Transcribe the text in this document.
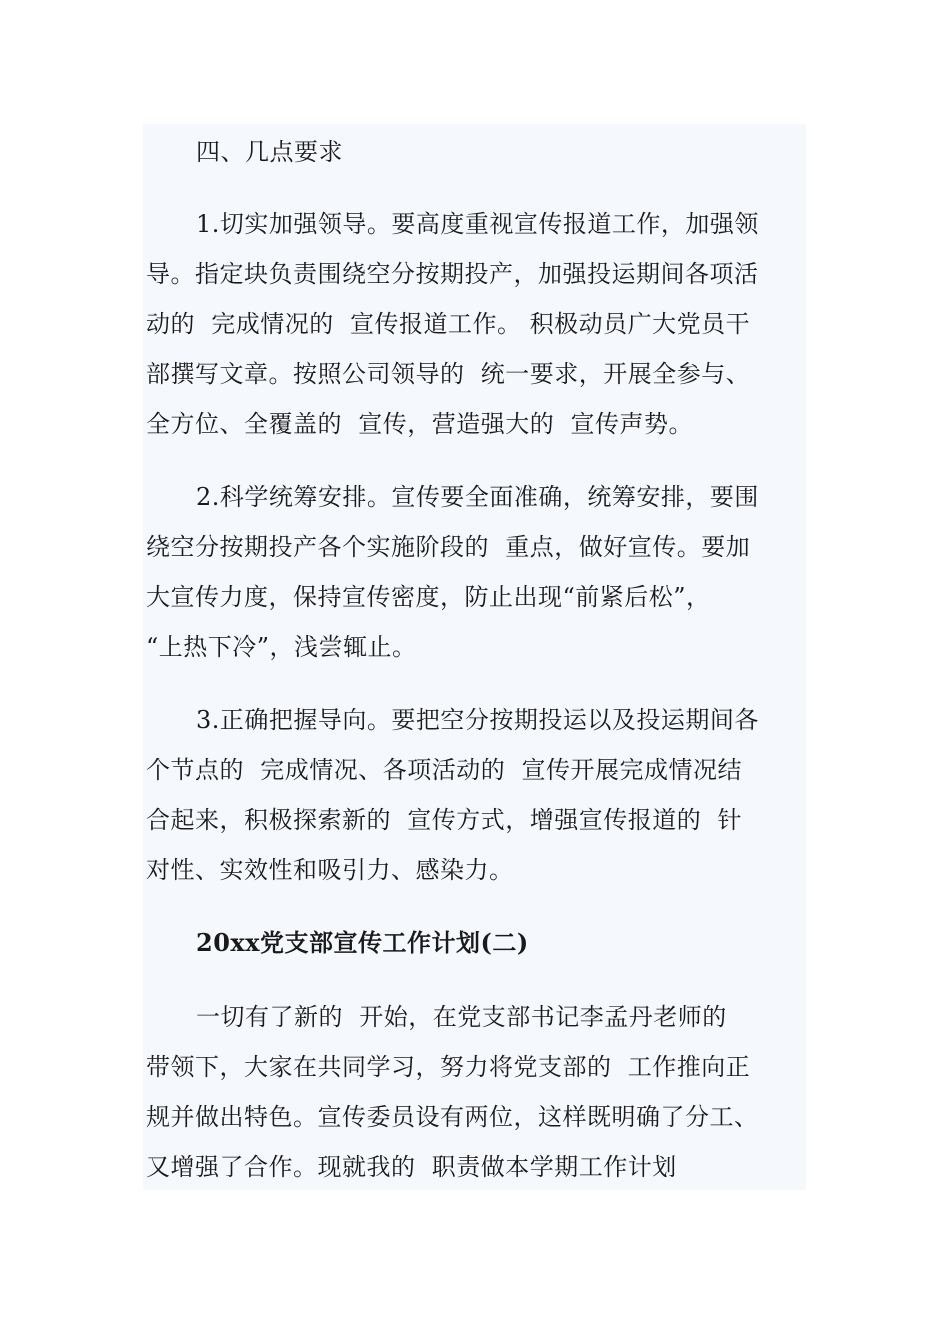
四、几点要求
1.切实加强领导。要高度重视宣传报道工作，加强领
导。指定块负责围绕空分按期投产，加强投运期间各项活
动的  完成情况的  宣传报道工作。 积极动员广大党员干
部撰写文章。按照公司领导的  统一要求，开展全参与、
全方位、全覆盖的  宣传，营造强大的  宣传声势。
2.科学统筹安排。宣传要全面准确，统筹安排，要围
绕空分按期投产各个实施阶段的  重点，做好宣传。要加
大宣传力度，保持宣传密度，防止出现“前紧后松”，
“上热下冷”，浅尝辄止。
3.正确把握导向。要把空分按期投运以及投运期间各
个节点的  完成情况、各项活动的  宣传开展完成情况结
合起来，积极探索新的  宣传方式，增强宣传报道的  针
对性、实效性和吸引力、感染力。
20xx党支部宣传工作计划(二)
一切有了新的  开始，在党支部书记李孟丹老师的
带领下，大家在共同学习，努力将党支部的  工作推向正
规并做出特色。宣传委员设有两位，这样既明确了分工、
又增强了合作。现就我的  职责做本学期工作计划
